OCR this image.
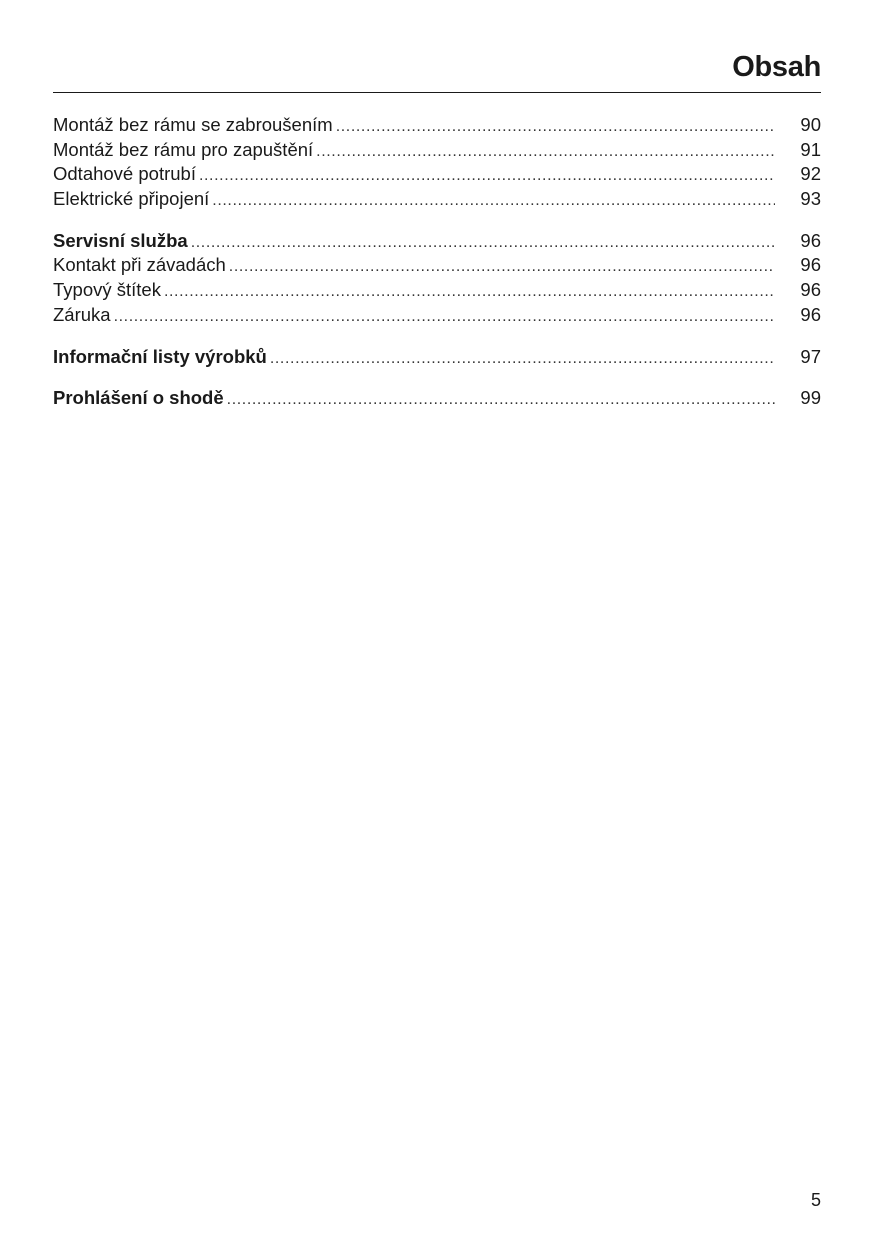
Obsah
Montáž bez rámu se zabroušením .....	90
Montáž bez rámu pro zapuštění .....	91
Odtahové potrubí .....	92
Elektrické připojení .....	93
Servisní služba .....	96
Kontakt při závadách .....	96
Typový štítek .....	96
Záruka .....	96
Informační listy výrobků .....	97
Prohlášení o shodě .....	99
5
